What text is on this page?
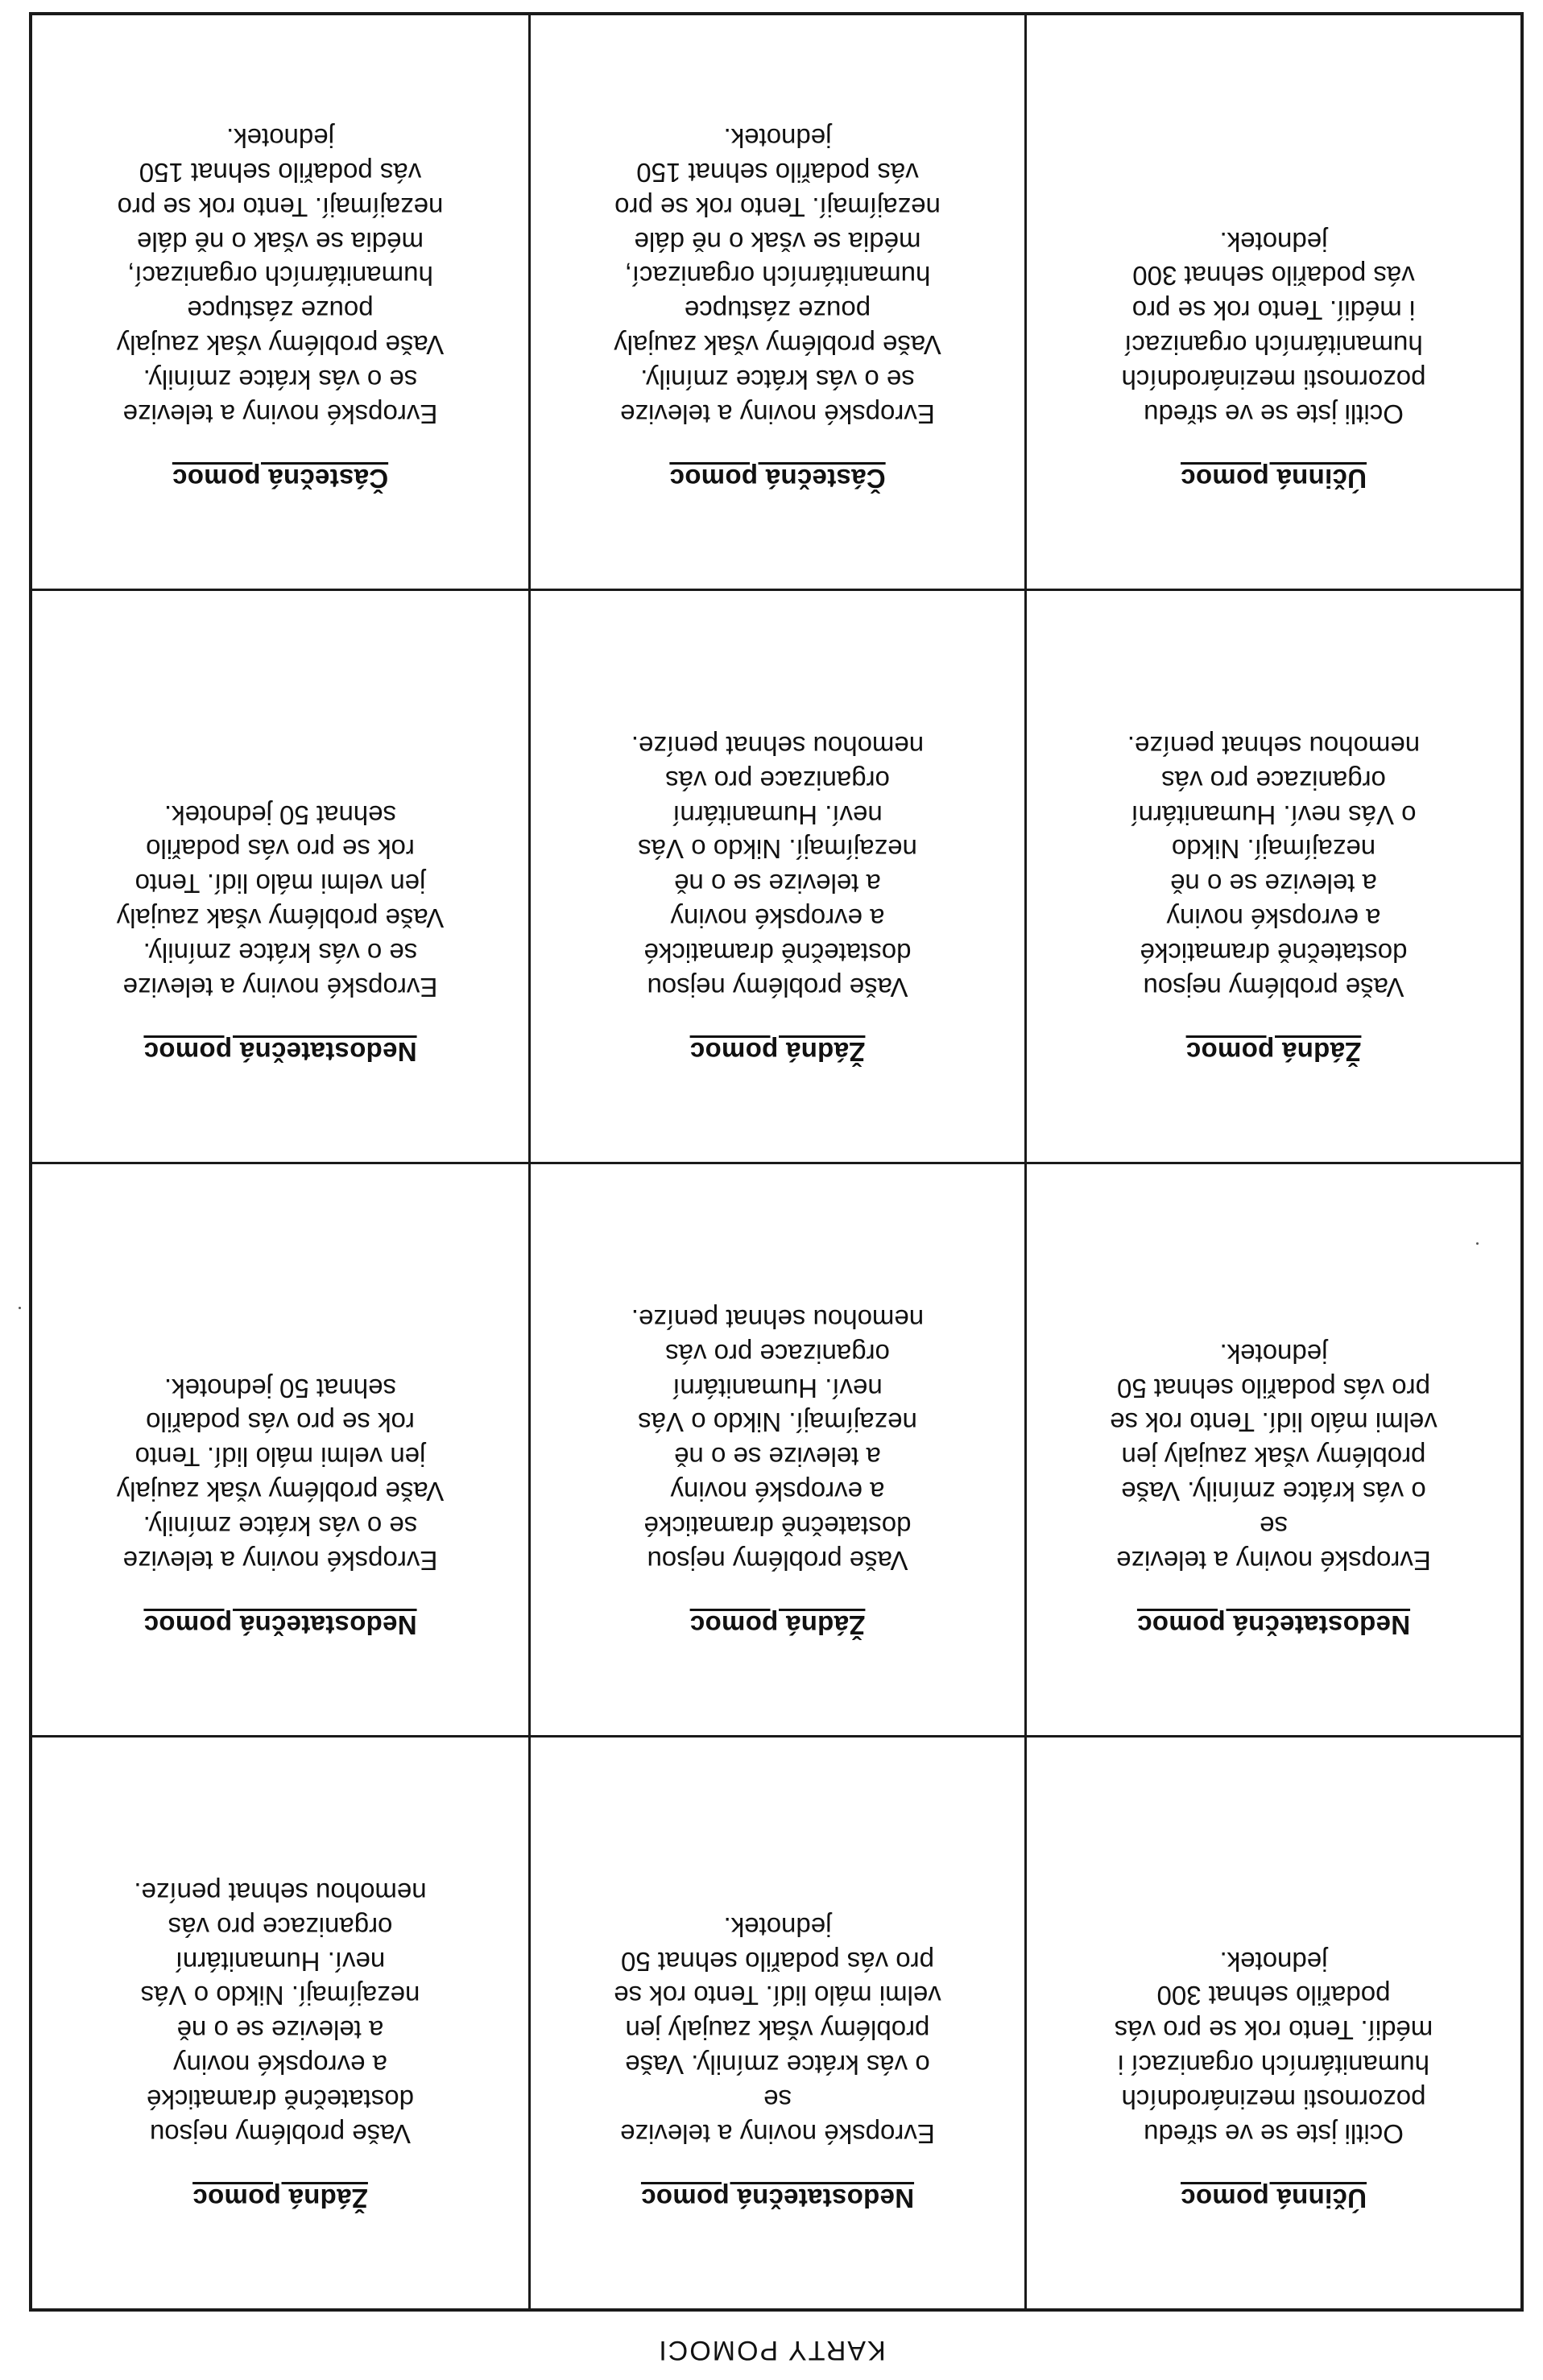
KARTY POMOCI
Účinná pomoc
Ocitli jste se ve středu
pozornosti mezinárodních
humanitárních organizací i
médií. Tento rok se pro vás
podařilo sehnat 300
jednotek.
Nedostatečná pomoc
Evropské noviny a televize
se
o vás krátce zmínily. Vaše
problémy však zaujaly jen
velmi málo lidí. Tento rok se
pro vás podařilo sehnat 50
jednotek.
Žádná pomoc
Vaše problémy nejsou
dostatečně dramatické
a evropské noviny
a televize se o ně
nezajímají. Nikdo o Vás
neví. Humanitární
organizace pro vás
nemohou sehnat peníze.
Nedostatečná pomoc
Evropské noviny a televize
se
o vás krátce zmínily. Vaše
problémy však zaujaly jen
velmi málo lidí. Tento rok se
pro vás podařilo sehnat 50
jednotek.
Žádná pomoc
Vaše problémy nejsou
dostatečně dramatické
a evropské noviny
a televize se o ně
nezajímají. Nikdo o Vás
neví. Humanitární
organizace pro vás
nemohou sehnat peníze.
Nedostatečná pomoc
Evropské noviny a televize
se o vás krátce zmínily.
Vaše problémy však zaujaly
jen velmi málo lidí. Tento
rok se pro vás podařilo
sehnat 50 jednotek.
Žádná pomoc
Vaše problémy nejsou
dostatečně dramatické
a evropské noviny
a televize se o ně
nezajímají. Nikdo
o Vás neví. Humanitární
organizace pro vás
nemohou sehnat peníze.
Žádná pomoc
Vaše problémy nejsou
dostatečně dramatické
a evropské noviny
a televize se o ně
nezajímají. Nikdo o Vás
neví. Humanitární
organizace pro vás
nemohou sehnat peníze.
Nedostatečná pomoc
Evropské noviny a televize
se o vás krátce zmínily.
Vaše problémy však zaujaly
jen velmi málo lidí. Tento
rok se pro vás podařilo
sehnat 50 jednotek.
Účinná pomoc
Ocitli jste se ve středu
pozornosti mezinárodních
humanitárních organizací
i médií. Tento rok se pro
vás podařilo sehnat 300
jednotek.
Částečná pomoc
Evropské noviny a televize
se o vás krátce zmínily.
Vaše problémy však zaujaly
pouze zástupce
humanitárních organizací,
média se však o ně dále
nezajímají. Tento rok se pro
vás podařilo sehnat 150
jednotek.
Částečná pomoc
Evropské noviny a televize
se o vás krátce zmínily.
Vaše problémy však zaujaly
pouze zástupce
humanitárních organizací,
média se však o ně dále
nezajímají. Tento rok se pro
vás podařilo sehnat 150
jednotek.
